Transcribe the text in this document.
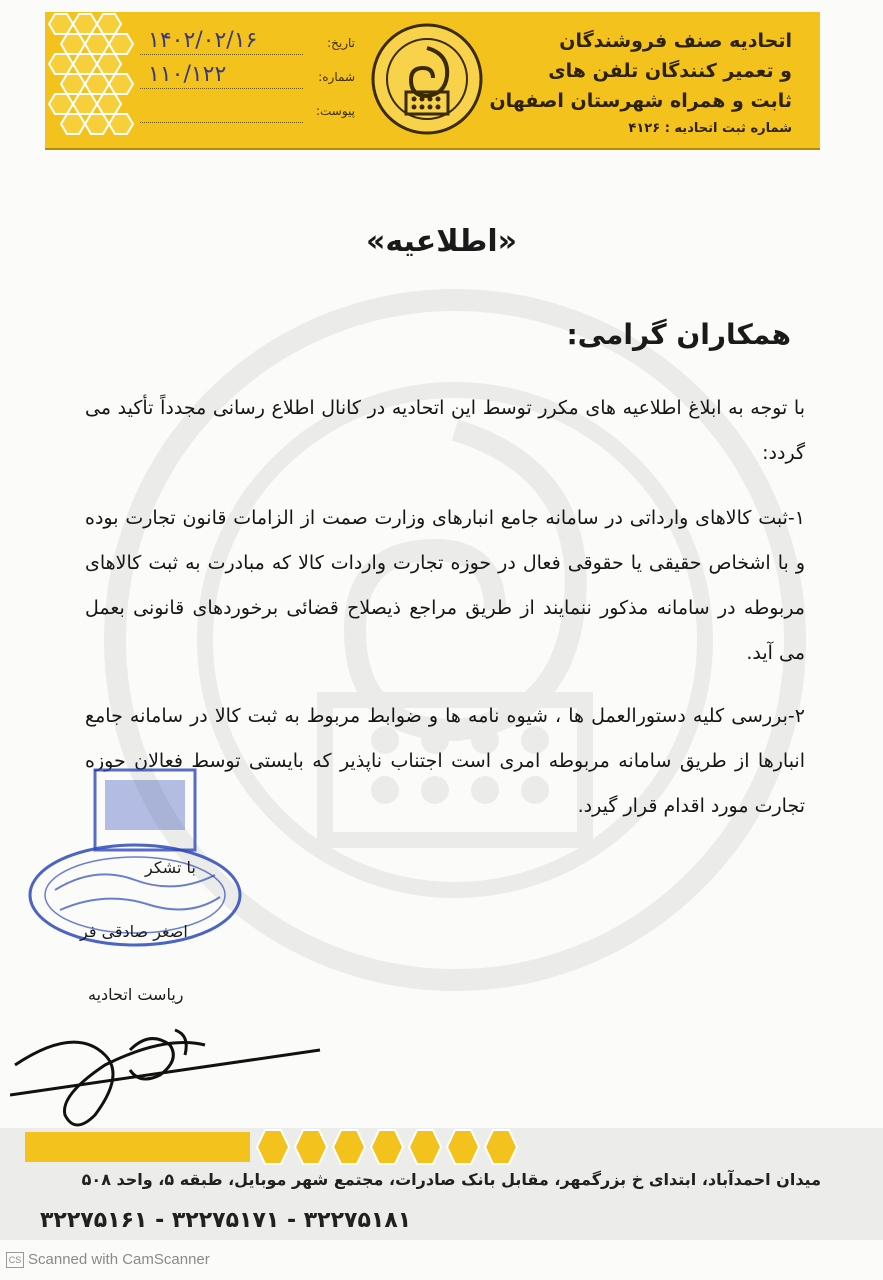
تاریخ:
۱۴۰۲/۰۲/۱۶
شماره:
۱۱۰/۱۲۲
پیوست:
اتحادیه صنف فروشندگان
و تعمیر کنندگان تلفن های
ثابت و همراه شهرستان اصفهان
شماره ثبت اتحادیه : ۴۱۲۶
«اطلاعیه»
همکاران گرامی:
با توجه به ابلاغ اطلاعیه های مکرر توسط این اتحادیه در کانال اطلاع رسانی مجدداً تأکید می گردد:
۱-ثبت کالاهای وارداتی در سامانه جامع انبارهای وزارت صمت از الزامات قانون تجارت بوده و با اشخاص حقیقی یا حقوقی فعال در حوزه تجارت واردات کالا که مبادرت به ثبت کالاهای مربوطه در سامانه مذکور ننمایند از طریق مراجع ذیصلاح قضائی برخوردهای قانونی بعمل می آید.
۲-بررسی کلیه دستورالعمل ها ، شیوه نامه ها و ضوابط مربوط به ثبت کالا در سامانه جامع انبارها از طریق سامانه مربوطه امری است اجتناب ناپذیر که بایستی توسط فعالان حوزه تجارت مورد اقدام قرار گیرد.
با تشکر
اصغر صادقی فر
ریاست اتحادیه
میدان احمدآباد، ابتدای خ بزرگمهر، مقابل بانک صادرات، مجتمع شهر موبایل، طبقه ۵، واحد ۵۰۸
۳۲۲۷۵۱۸۱ - ۳۲۲۷۵۱۷۱ - ۳۲۲۷۵۱۶۱
CS Scanned with CamScanner
